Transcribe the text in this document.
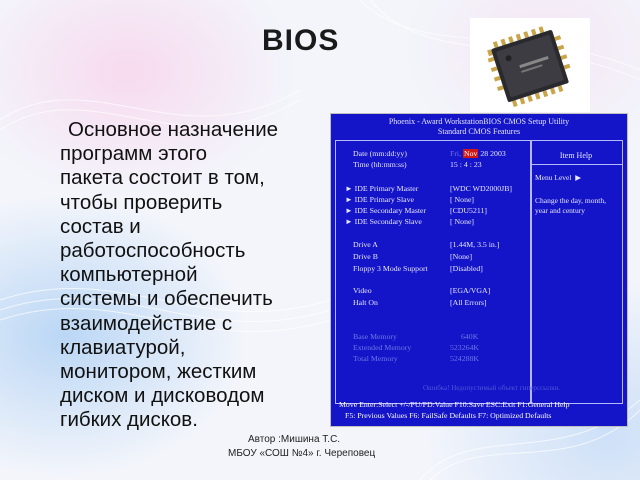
BIOS
Основное назначение
программ этого
пакета состоит в том,
чтобы проверить
состав и
работоспособность
компьютерной
системы и обеспечить
взаимодействие с
клавиатурой,
монитором, жестким
диском и дисководом
гибких дисков.
Автор :Мишина Т.С.
МБОУ «СОШ №4» г. Череповец
Phoenix - Award WorkstationBIOS CMOS Setup Utility
Standard CMOS Features
Date (mm:dd:yy)	Fri, Nov 28 2003
Time (hh:mm:ss)	15 : 4 : 23
► IDE Primary Master	[WDC WD2000JB]
► IDE Primary Slave	[ None]
► IDE Secondary Master	[CDU5211]
► IDE Secondary Slave	[ None]
Drive A	[1.44M, 3.5 in.]
Drive B	[None]
Floppy 3 Mode Support	[Disabled]
Video	[EGA/VGA]
Halt On	[All Errors]
Base Memory	640K
Extended Memory	523264K
Total Memory	524288K
Item Help
Menu Level ▶
Change the day, month, year and century
Ошибка! Недопустимый объект гиперссылки.
Move Enter:Select +/-/PU/PD:Value F10:Save ESC:Exit F1:General Help
F5: Previous Values F6: FailSafe Defaults F7: Optimized Defaults
